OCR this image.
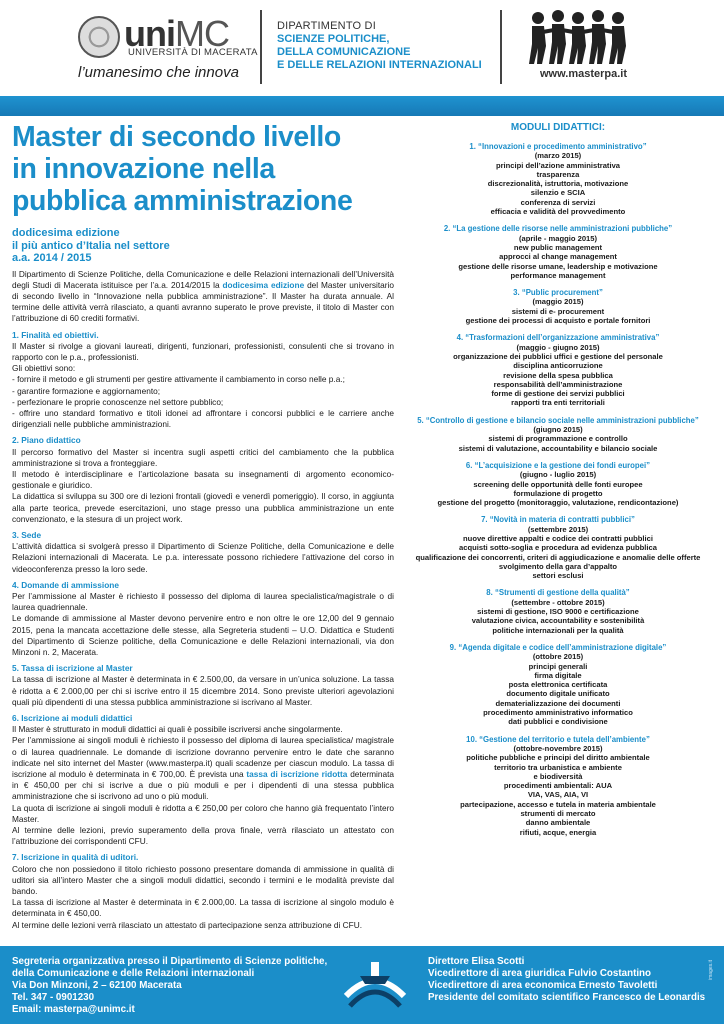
uniMC
UNIVERSITÀ DI MACERATA
l’umanesimo che innova
DIPARTIMENTO DI
SCIENZE POLITICHE,
DELLA COMUNICAZIONE
E DELLE RELAZIONI INTERNAZIONALI
www.masterpa.it
Master di secondo livello
in innovazione nella
pubblica amministrazione
dodicesima edizione
il più antico d’Italia nel settore
a.a. 2014 / 2015
Il Dipartimento di Scienze Politiche, della Comunicazione e delle Relazioni internazionali dell’Università degli Studi di Macerata istituisce per l’a.a. 2014/2015 la dodicesima edizione del Master universitario di secondo livello in “Innovazione nella pubblica amministrazione”. Il Master ha durata annuale. Al termine delle attività verrà rilasciato, a quanti avranno superato le prove previste, il titolo di Master con l’attribuzione di 60 crediti formativi.
1. Finalità ed obiettivi.
Il Master si rivolge a giovani laureati, dirigenti, funzionari, professionisti, consulenti che si trovano in rapporto con le p.a., professionisti.
Gli obiettivi sono:
- fornire il metodo e gli strumenti per gestire attivamente il cambiamento in corso nelle p.a.;
- garantire formazione e aggiornamento;
- perfezionare le proprie conoscenze nel settore pubblico;
- offrire uno standard formativo e titoli idonei ad affrontare i concorsi pubblici e le carriere anche dirigenziali nelle pubbliche amministrazioni.
2. Piano didattico
Il percorso formativo del Master si incentra sugli aspetti critici del cambiamento che la pubblica amministrazione si trova a fronteggiare.
Il metodo è interdisciplinare e l’articolazione basata su insegnamenti di argomento economico-gestionale e giuridico.
La didattica si sviluppa su 300 ore di lezioni frontali (giovedì e venerdì pomeriggio). Il corso, in aggiunta alla parte teorica, prevede esercitazioni, uno stage presso una pubblica amministrazione un ente convenzionato, e la stesura di un project work.
3. Sede
L’attività didattica si svolgerà presso il Dipartimento di Scienze Politiche, della Comunicazione e delle Relazioni internazionali di Macerata. Le p.a. interessate possono richiedere l’attivazione del corso in videoconferenza presso la loro sede.
4. Domande di ammissione
Per l’ammissione al Master è richiesto il possesso del diploma di laurea specialistica/magistrale o di laurea quadriennale.
Le domande di ammissione al Master devono pervenire entro e non oltre le ore 12,00 del 9 gennaio 2015, pena la mancata accettazione delle stesse, alla Segreteria studenti – U.O. Didattica e Studenti del Dipartimento di Scienze politiche, della Comunicazione e delle Relazioni internazionali, via don Minzoni n. 2, Macerata.
5. Tassa di iscrizione al Master
La tassa di iscrizione al Master è determinata in € 2.500,00, da versare in un’unica soluzione. La tassa è ridotta a € 2.000,00 per chi si iscrive entro il 15 dicembre 2014. Sono previste ulteriori agevolazioni quali più dipendenti di una stessa pubblica amministrazione si iscrivano al Master.
6. Iscrizione ai moduli didattici
Il Master è strutturato in moduli didattici ai quali è possibile iscriversi anche singolarmente.
Per l’ammissione ai singoli moduli è richiesto il possesso del diploma di laurea specialistica/ magistrale o di laurea quadriennale. Le domande di iscrizione dovranno pervenire entro le date che saranno indicate nel sito internet del Master (www.masterpa.it) quali scadenze per ciascun modulo. La tassa di iscrizione al modulo è determinata in € 700,00. È prevista una tassa di iscrizione ridotta determinata in € 450,00 per chi si iscrive a due o più moduli e per i dipendenti di una stessa pubblica amministrazione che si iscrivono ad uno o più moduli.
La quota di iscrizione ai singoli moduli è ridotta a € 250,00 per coloro che hanno già frequentato l’intero Master.
Al termine delle lezioni, previo superamento della prova finale, verrà rilasciato un attestato con l’attribuzione dei corrispondenti CFU.
7. Iscrizione in qualità di uditori.
Coloro che non possiedono il titolo richiesto possono presentare domanda di ammissione in qualità di uditori sia all’intero Master che a singoli moduli didattici, secondo i termini e le modalità previste dal bando.
La tassa di iscrizione al Master è determinata in € 2.000,00. La tassa di iscrizione al singolo modulo è determinata in € 450,00.
Al termine delle lezioni verrà rilasciato un attestato di partecipazione senza attribuzione di CFU.
MODULI DIDATTICI:
1. “Innovazioni e procedimento amministrativo”
(marzo 2015)
principi dell’azione amministrativa
trasparenza
discrezionalità, istruttoria, motivazione
silenzio e SCIA
conferenza di servizi
efficacia e validità del provvedimento
2. “La gestione delle risorse nelle amministrazioni pubbliche”
(aprile - maggio 2015)
new public management
approcci al change management
gestione delle risorse umane, leadership e motivazione
performance management
3. “Public procurement”
(maggio 2015)
sistemi di e- procurement
gestione dei processi di acquisto e portale fornitori
4. “Trasformazioni dell’organizzazione amministrativa”
(maggio - giugno 2015)
organizzazione dei pubblici uffici e gestione del personale
disciplina anticorruzione
revisione della spesa pubblica
responsabilità dell’amministrazione
forme di gestione dei servizi pubblici
rapporti tra enti territoriali
5. “Controllo di gestione e bilancio sociale nelle amministrazioni pubbliche”
(giugno 2015)
sistemi di programmazione e controllo
sistemi di valutazione, accountability e bilancio sociale
6. “L’acquisizione e la gestione dei fondi europei”
(giugno - luglio 2015)
screening delle opportunità delle fonti europee
formulazione di progetto
gestione del progetto (monitoraggio, valutazione, rendicontazione)
7. “Novità in materia di contratti pubblici”
(settembre 2015)
nuove direttive appalti e codice dei contratti pubblici
acquisti sotto-soglia e procedura ad evidenza pubblica
qualificazione dei concorrenti, criteri di aggiudicazione e anomalie delle offerte
svolgimento della gara d’appalto
settori esclusi
8. “Strumenti di gestione della qualità”
(settembre - ottobre 2015)
sistemi di gestione, ISO 9000 e certificazione
valutazione civica, accountability e sostenibilità
politiche internazionali per la qualità
9. “Agenda digitale e codice dell’amministrazione digitale”
(ottobre 2015)
principi generali
firma digitale
posta elettronica certificata
documento digitale unificato
dematerializzazione dei documenti
procedimento amministrativo informatico
dati pubblici e condivisione
10. “Gestione del territorio e tutela dell’ambiente”
(ottobre-novembre 2015)
politiche pubbliche e principi del diritto ambientale
territorio tra urbanistica e ambiente
e biodiversità
procedimenti ambientali: AUA
VIA, VAS, AIA, VI
partecipazione, accesso e tutela in materia ambientale
strumenti di mercato
danno ambientale
rifiuti, acque, energia
Segreteria organizzativa presso il Dipartimento di Scienze politiche,
della Comunicazione e delle Relazioni internazionali
Via Don Minzoni, 2 – 62100 Macerata
Tel. 347 - 0901230
Email: masterpa@unimc.it
Direttore Elisa Scotti
Vicedirettore di area giuridica Fulvio Costantino
Vicedirettore di area economica Ernesto Tavoletti
Presidente del comitato scientifico Francesco de Leonardis
images.it
